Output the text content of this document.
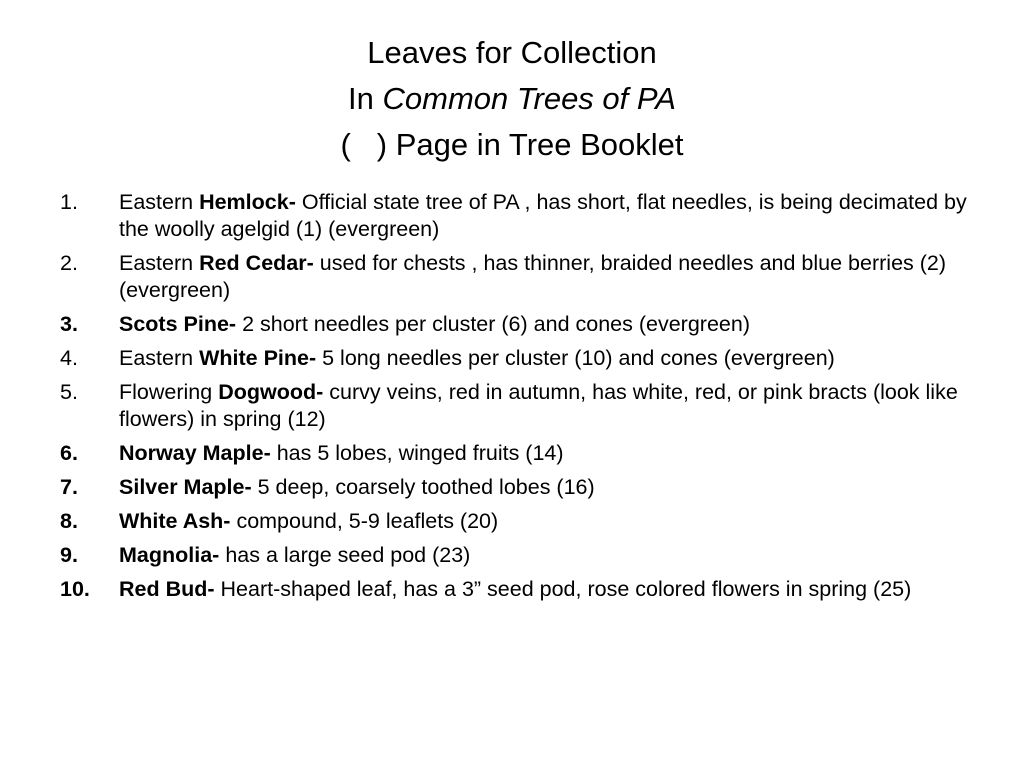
Leaves for Collection
In Common Trees of PA
( ) Page in Tree Booklet
1.	Eastern Hemlock- Official state tree of PA , has short, flat needles, is being decimated by the woolly agelgid (1) (evergreen)
2.	Eastern Red Cedar- used for chests , has thinner, braided needles and blue berries (2) (evergreen)
3.	Scots Pine- 2 short needles per cluster (6) and cones (evergreen)
4.	Eastern White Pine- 5 long needles per cluster (10) and cones (evergreen)
5.	Flowering Dogwood- curvy veins, red in autumn, has white, red, or pink bracts (look like flowers) in spring (12)
6.	Norway Maple- has 5 lobes, winged fruits (14)
7.	Silver Maple- 5 deep, coarsely toothed lobes (16)
8.	White Ash- compound, 5-9 leaflets (20)
9.	Magnolia- has a large seed pod (23)
10.	Red Bud- Heart-shaped leaf, has a 3” seed pod, rose colored flowers in spring (25)
